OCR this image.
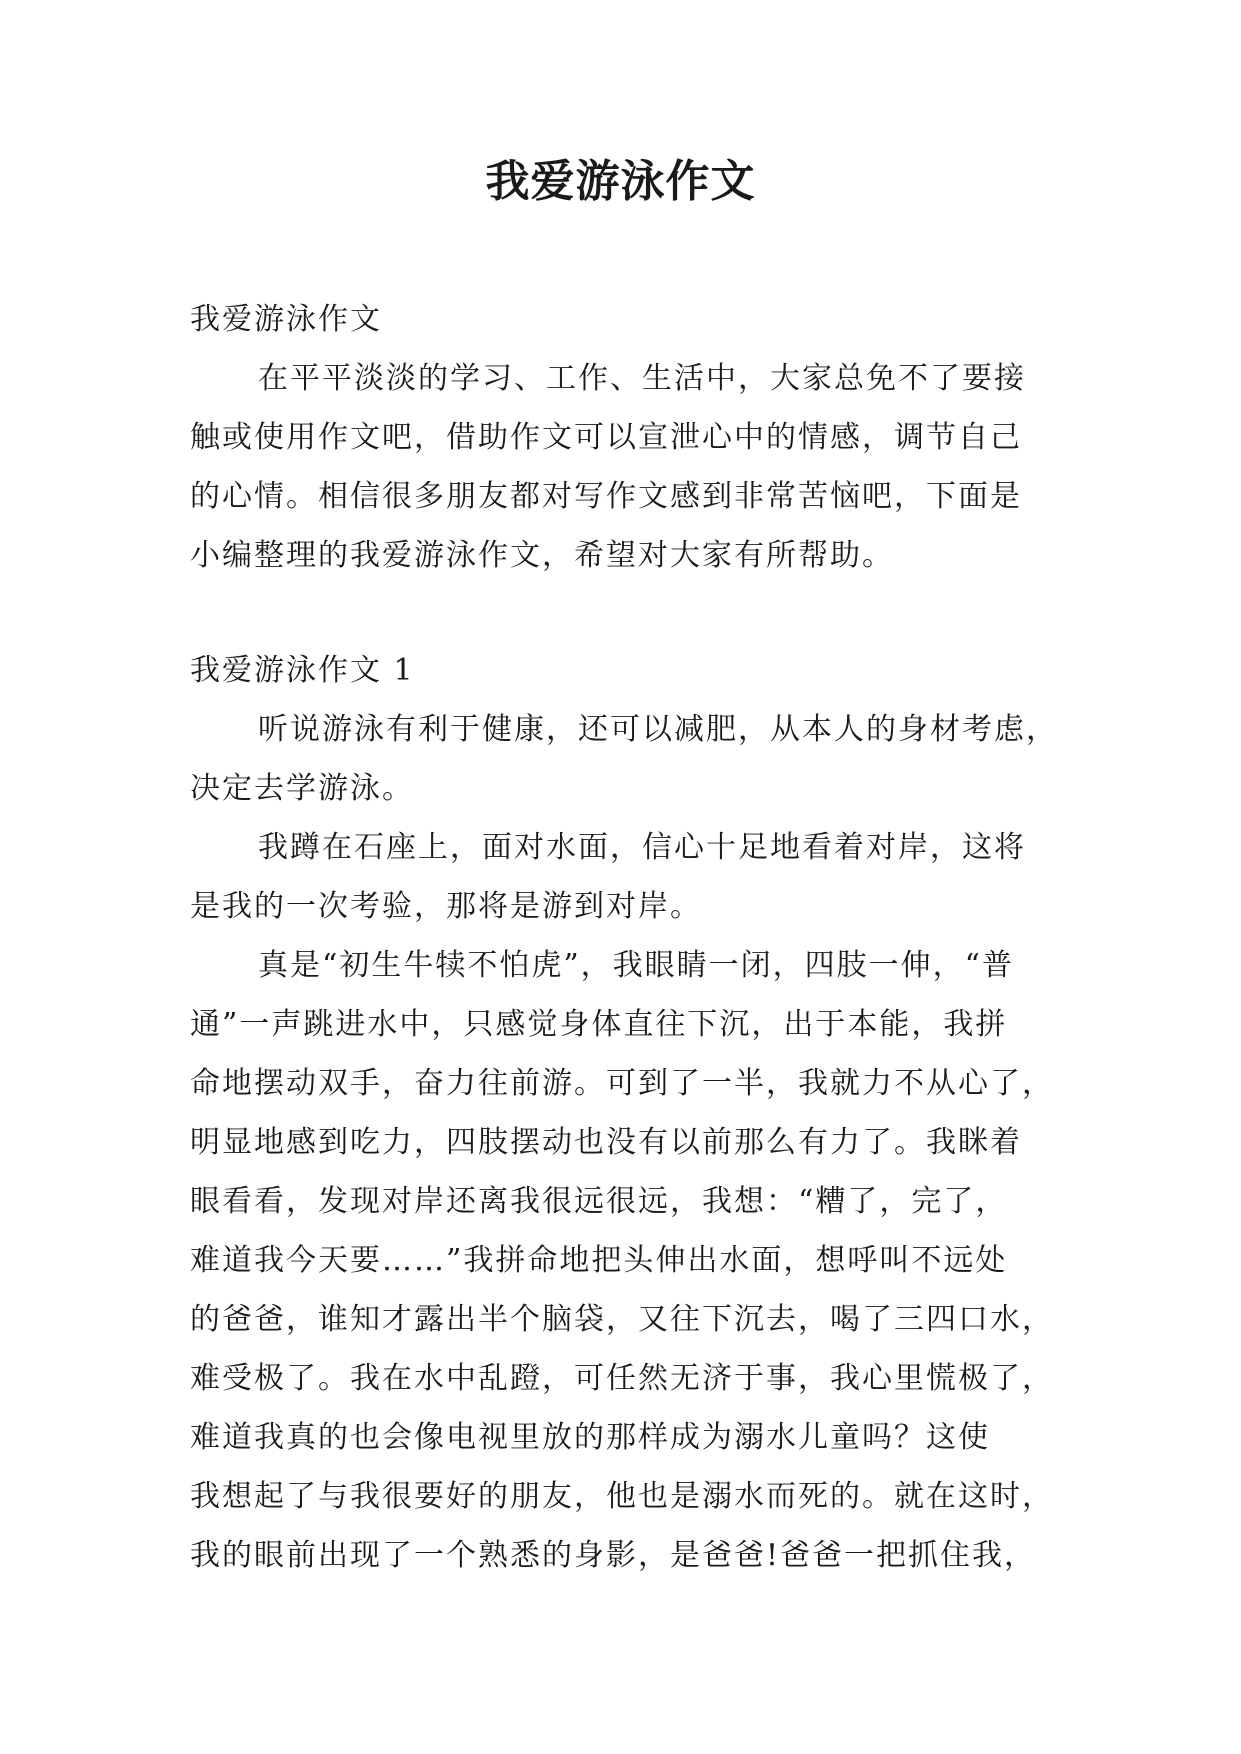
我爱游泳作文
我爱游泳作文
在平平淡淡的学习、工作、生活中，大家总免不了要接
触或使用作文吧，借助作文可以宣泄心中的情感，调节自己
的心情。相信很多朋友都对写作文感到非常苦恼吧，下面是
小编整理的我爱游泳作文，希望对大家有所帮助。
我爱游泳作文 1
听说游泳有利于健康，还可以减肥，从本人的身材考虑，
决定去学游泳。
我蹲在石座上，面对水面，信心十足地看着对岸，这将
是我的一次考验，那将是游到对岸。
真是“初生牛犊不怕虎”，我眼睛一闭，四肢一伸，“普
通”一声跳进水中，只感觉身体直往下沉，出于本能，我拼
命地摆动双手，奋力往前游。可到了一半，我就力不从心了，
明显地感到吃力，四肢摆动也没有以前那么有力了。我眯着
眼看看，发现对岸还离我很远很远，我想：“糟了，完了，
难道我今天要……”我拼命地把头伸出水面，想呼叫不远处
的爸爸，谁知才露出半个脑袋，又往下沉去，喝了三四口水，
难受极了。我在水中乱蹬，可任然无济于事，我心里慌极了，
难道我真的也会像电视里放的那样成为溺水儿童吗？这使
我想起了与我很要好的朋友，他也是溺水而死的。就在这时，
我的眼前出现了一个熟悉的身影，是爸爸!爸爸一把抓住我，
